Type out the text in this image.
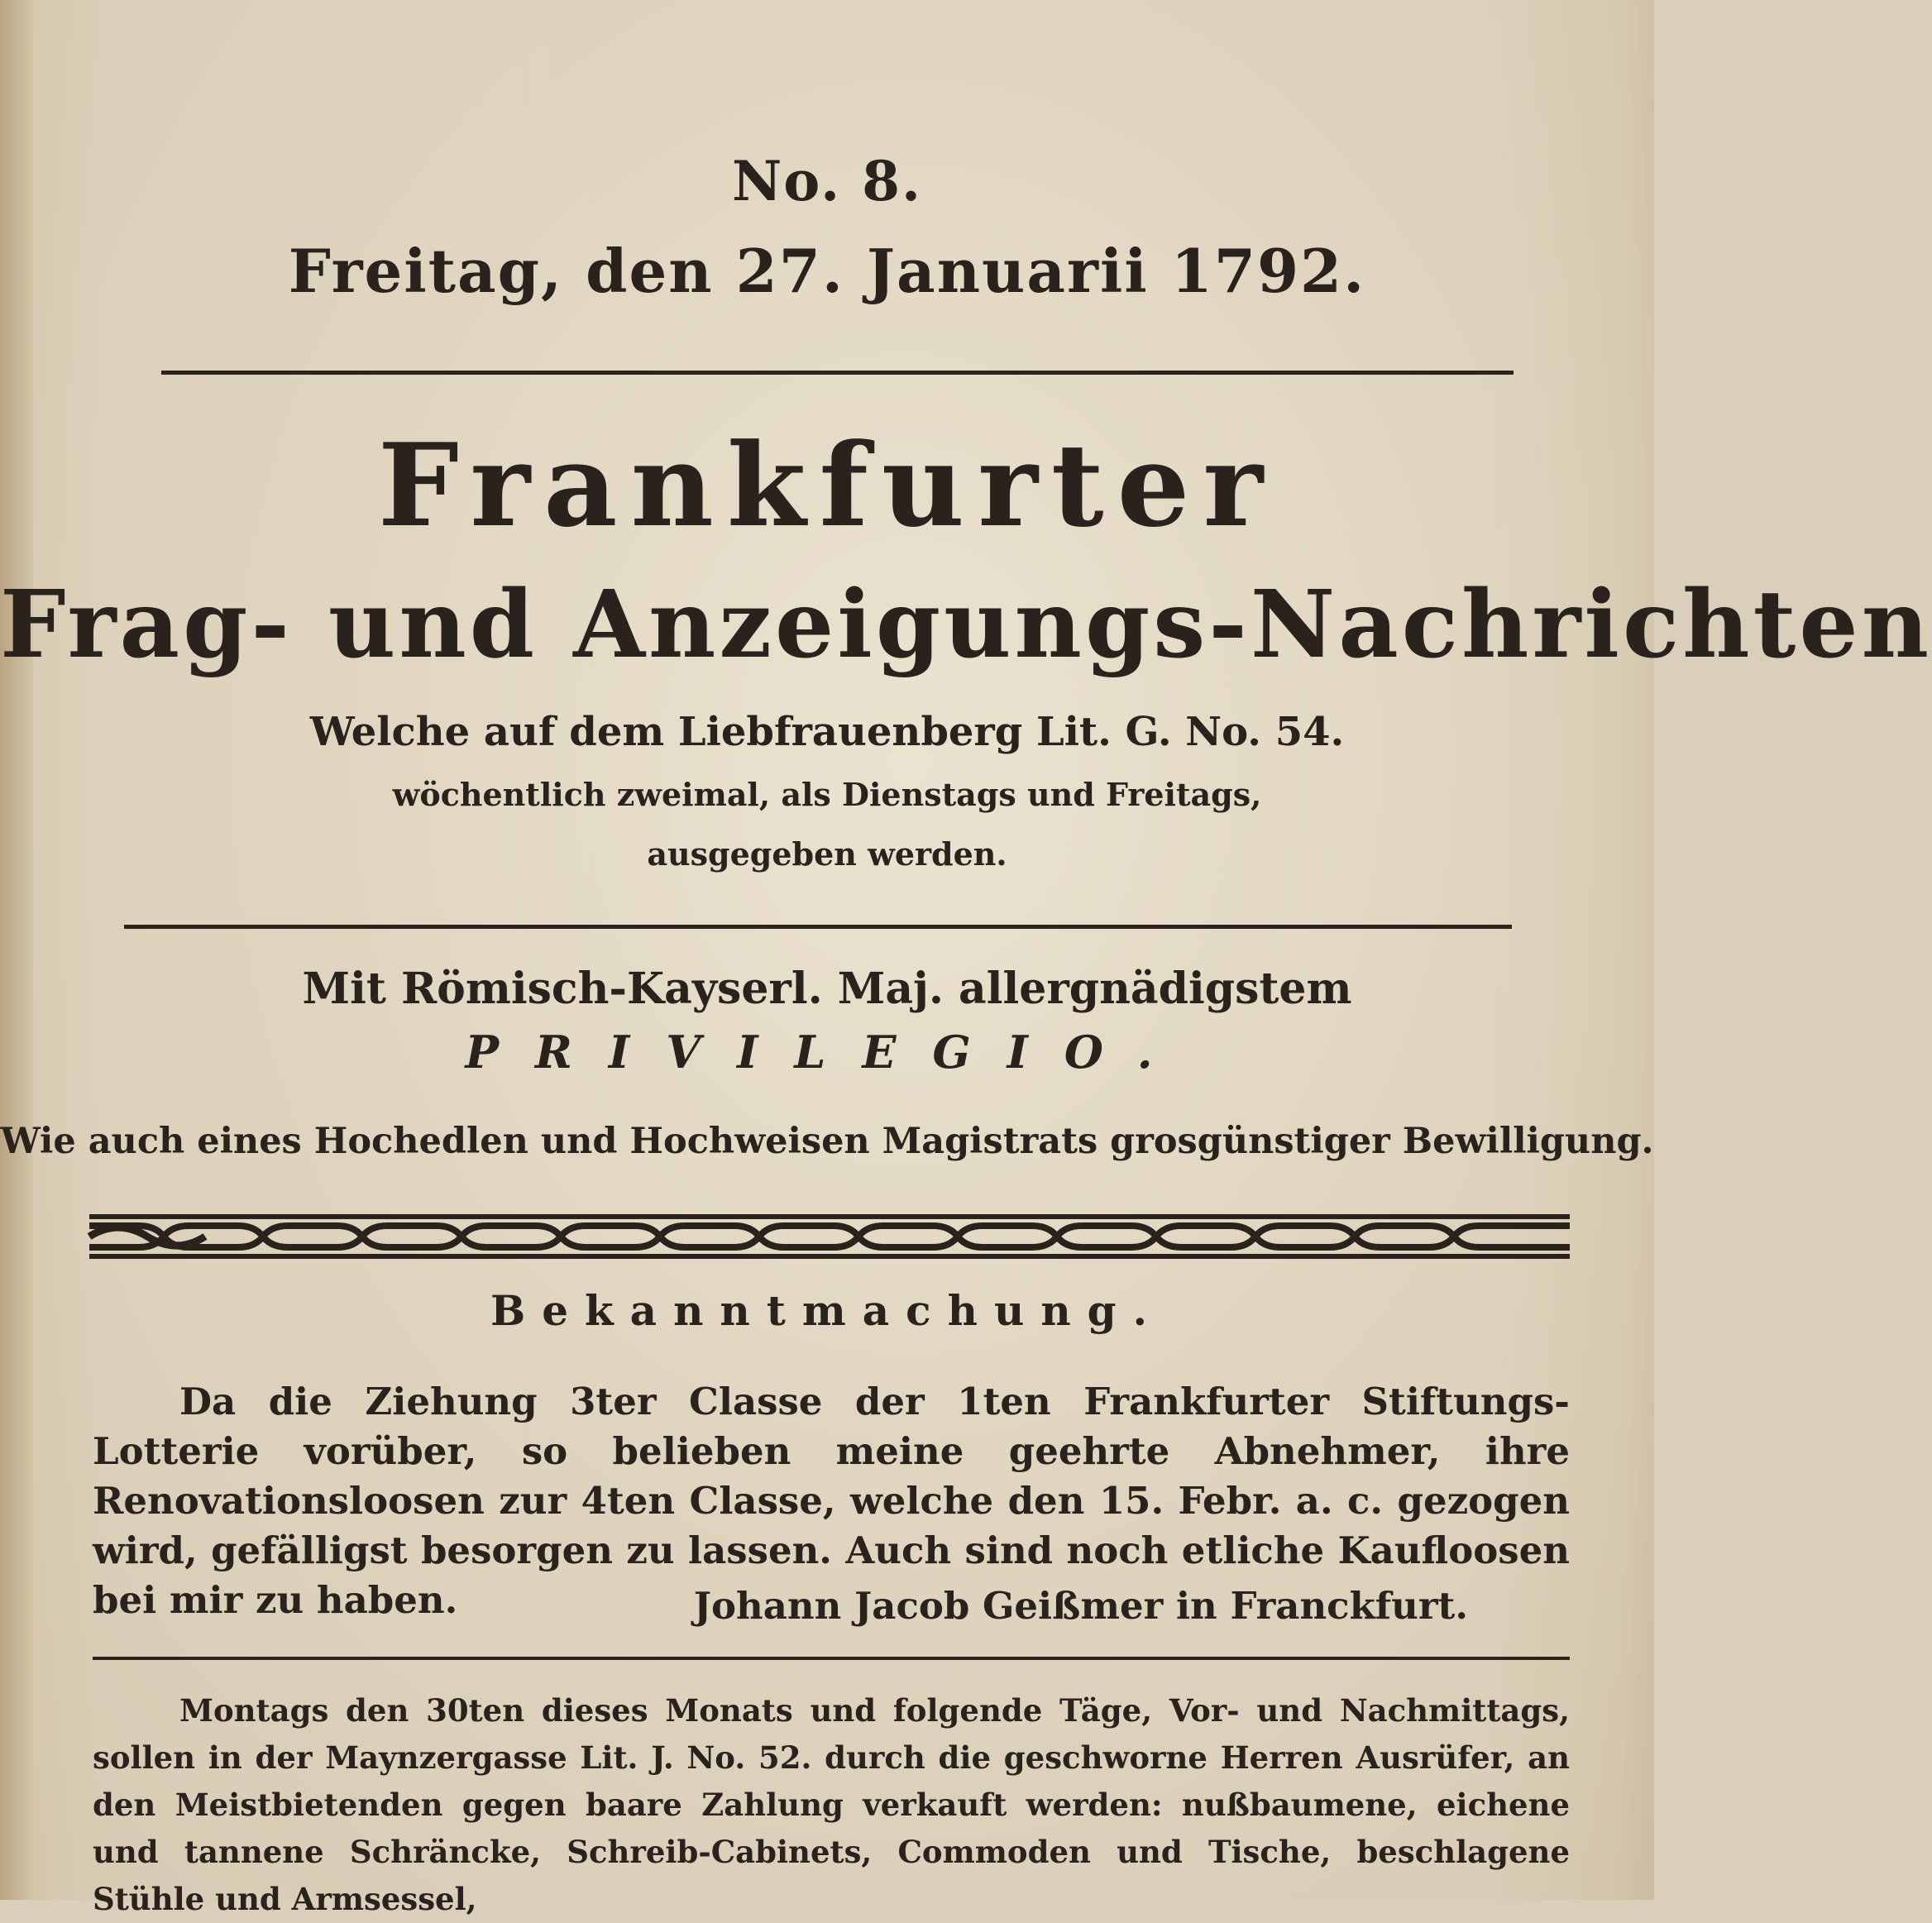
No. 8.
Freitag, den 27. Januarii 1792.
Frankfurter
Frag- und Anzeigungs-Nachrichten
Welche auf dem Liebfrauenberg Lit. G. No. 54.
wöchentlich zweimal, als Dienstags und Freitags,
ausgegeben werden.
Mit Römisch-Kayserl. Maj. allergnädigstem
PRIVILEGIO.
Wie auch eines Hochedlen und Hochweisen Magistrats grosgünstiger Bewilligung.
Bekanntmachung.
Da die Ziehung 3ter Classe der 1ten Frankfurter Stiftungs-Lotterie vorüber, so belieben meine geehrte Abnehmer, ihre Renovationsloosen zur 4ten Classe, welche den 15. Febr. a. c. gezogen wird, gefälligst besorgen zu lassen. Auch sind noch etliche Kaufloosen bei mir zu haben.	Johann Jacob Geißmer in Franckfurt.
Montags den 30ten dieses Monats und folgende Täge, Vor- und Nachmittags, sollen in der Maynzergasse Lit. J. No. 52. durch die geschworne Herren Ausrüfer, an den Meistbietenden gegen baare Zahlung verkauft werden: nußbaumene, eichene und tannene Schräncke, Schreib-Cabinets, Commoden und Tische, beschlagene Stühle und Armsessel,
